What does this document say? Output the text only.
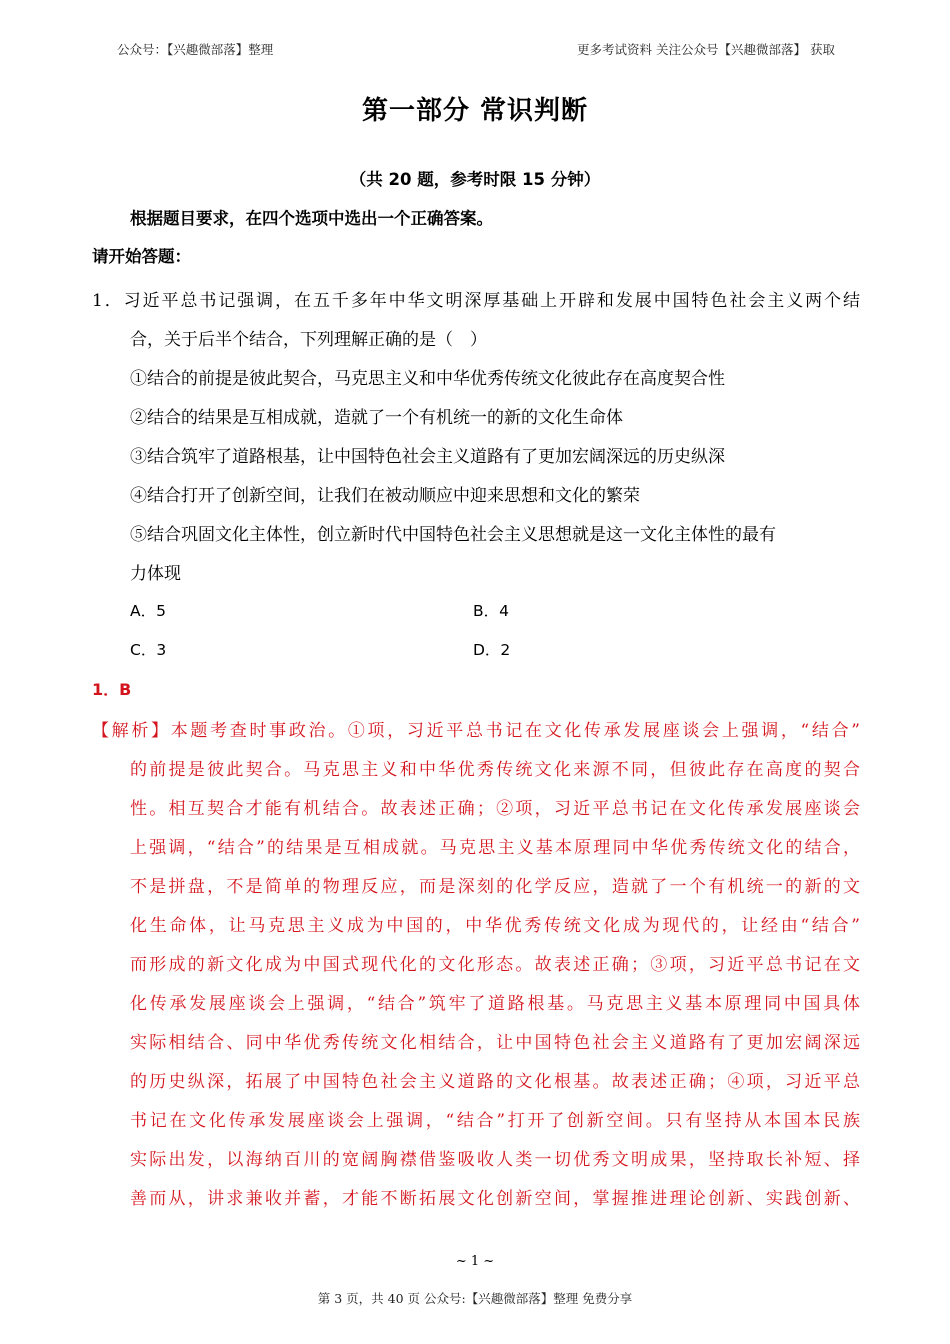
公众号：【兴趣微部落】整理	更多考试资料 关注公众号【兴趣微部落】 获取
第一部分 常识判断
（共 20 题，参考时限 15 分钟）
根据题目要求，在四个选项中选出一个正确答案。
请开始答题：
1．习近平总书记强调，在五千多年中华文明深厚基础上开辟和发展中国特色社会主义两个结
合，关于后半个结合，下列理解正确的是（　）
①结合的前提是彼此契合，马克思主义和中华优秀传统文化彼此存在高度契合性
②结合的结果是互相成就，造就了一个有机统一的新的文化生命体
③结合筑牢了道路根基，让中国特色社会主义道路有了更加宏阔深远的历史纵深
④结合打开了创新空间，让我们在被动顺应中迎来思想和文化的繁荣
⑤结合巩固文化主体性，创立新时代中国特色社会主义思想就是这一文化主体性的最有
力体现
A．5	B．4
C．3	D．2
1．B
【解析】本题考查时事政治。①项，习近平总书记在文化传承发展座谈会上强调，“结合”
的前提是彼此契合。马克思主义和中华优秀传统文化来源不同，但彼此存在高度的契合
性。相互契合才能有机结合。故表述正确；②项，习近平总书记在文化传承发展座谈会
上强调，“结合”的结果是互相成就。马克思主义基本原理同中华优秀传统文化的结合，
不是拼盘，不是简单的物理反应，而是深刻的化学反应，造就了一个有机统一的新的文
化生命体，让马克思主义成为中国的，中华优秀传统文化成为现代的，让经由“结合”
而形成的新文化成为中国式现代化的文化形态。故表述正确；③项，习近平总书记在文
化传承发展座谈会上强调，“结合”筑牢了道路根基。马克思主义基本原理同中国具体
实际相结合、同中华优秀传统文化相结合，让中国特色社会主义道路有了更加宏阔深远
的历史纵深，拓展了中国特色社会主义道路的文化根基。故表述正确；④项，习近平总
书记在文化传承发展座谈会上强调，“结合”打开了创新空间。只有坚持从本国本民族
实际出发，以海纳百川的宽阔胸襟借鉴吸收人类一切优秀文明成果，坚持取长补短、择
善而从，讲求兼收并蓄，才能不断拓展文化创新空间，掌握推进理论创新、实践创新、
~ 1 ~
第 3 页，共 40 页 公众号:【兴趣微部落】整理 免费分享
